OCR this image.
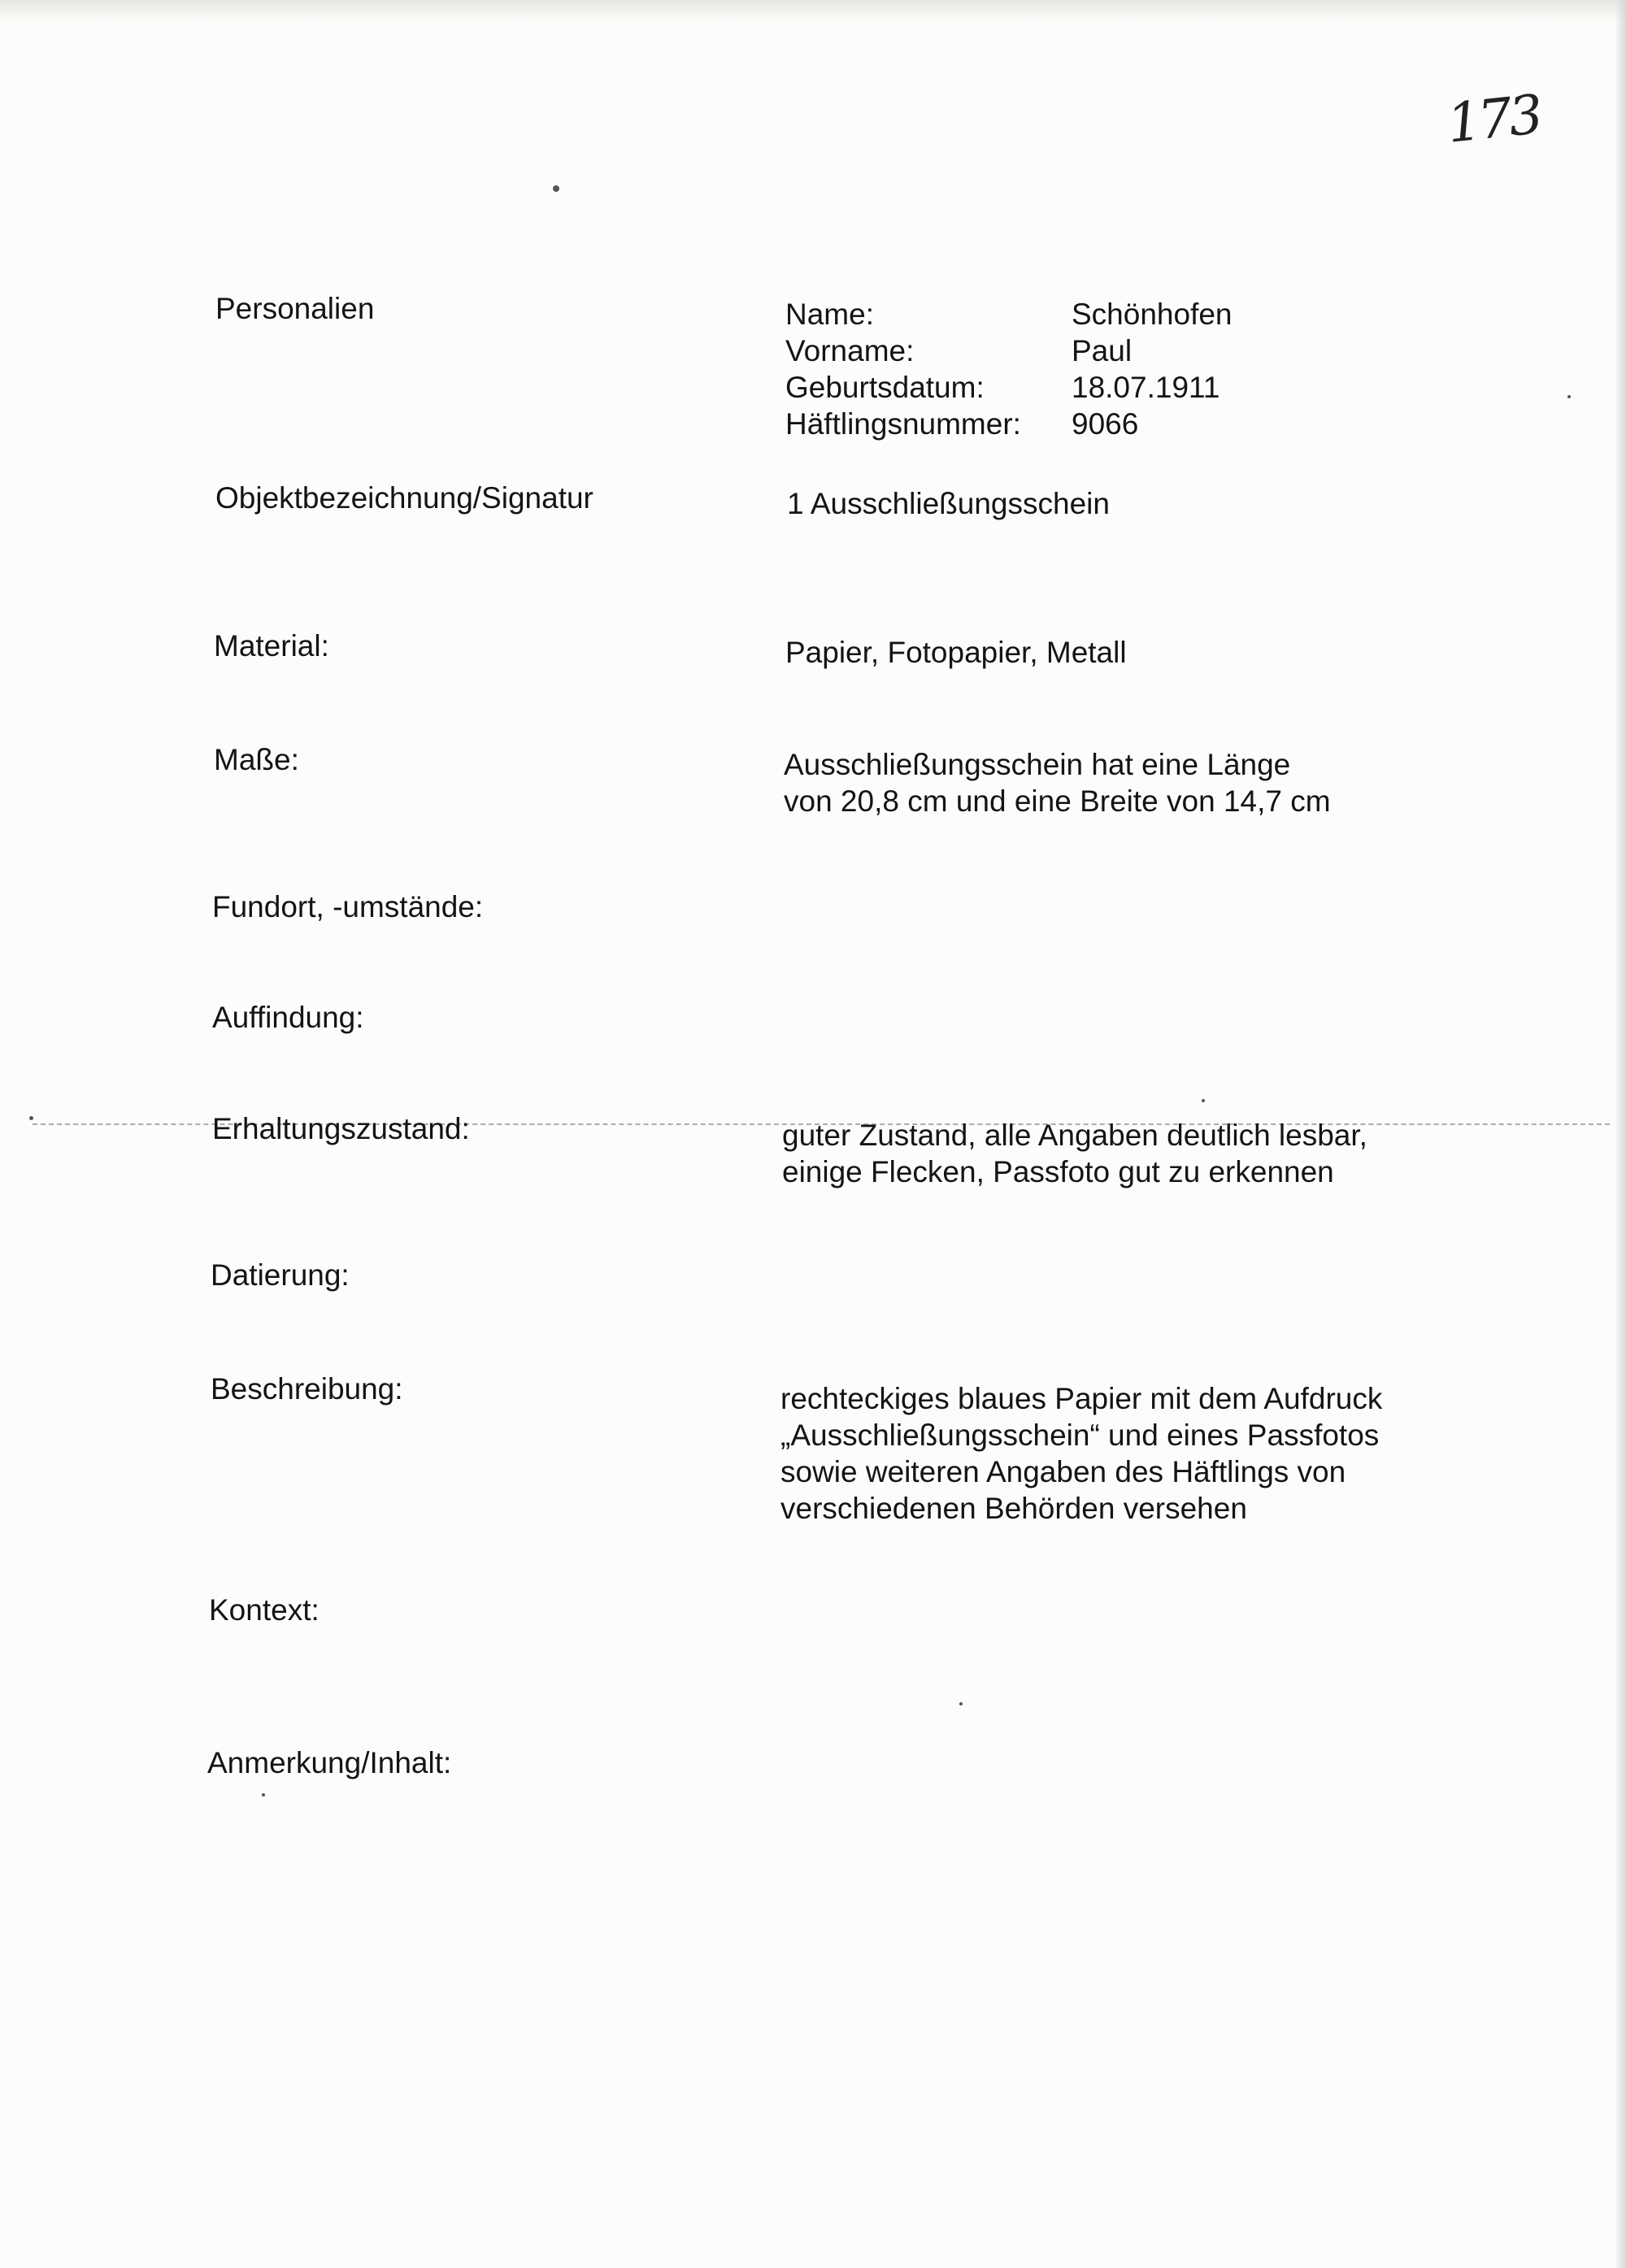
173
Personalien	Name:	Schönhofen
Vorname:	Paul
Geburtsdatum:	18.07.1911
Häftlingsnummer:	9066
Objektbezeichnung/Signatur	1 Ausschließungsschein
Material:	Papier, Fotopapier, Metall
Maße:	Ausschließungsschein hat eine Länge
von 20,8 cm und eine Breite von 14,7 cm
Fundort, -umstände:
Auffindung:
Erhaltungszustand:	guter Zustand, alle Angaben deutlich lesbar,
einige Flecken, Passfoto gut zu erkennen
Datierung:
Beschreibung:	rechteckiges blaues Papier mit dem Aufdruck
„Ausschließungsschein“ und eines Passfotos
sowie weiteren Angaben des Häftlings von
verschiedenen Behörden versehen
Kontext:
Anmerkung/Inhalt:
